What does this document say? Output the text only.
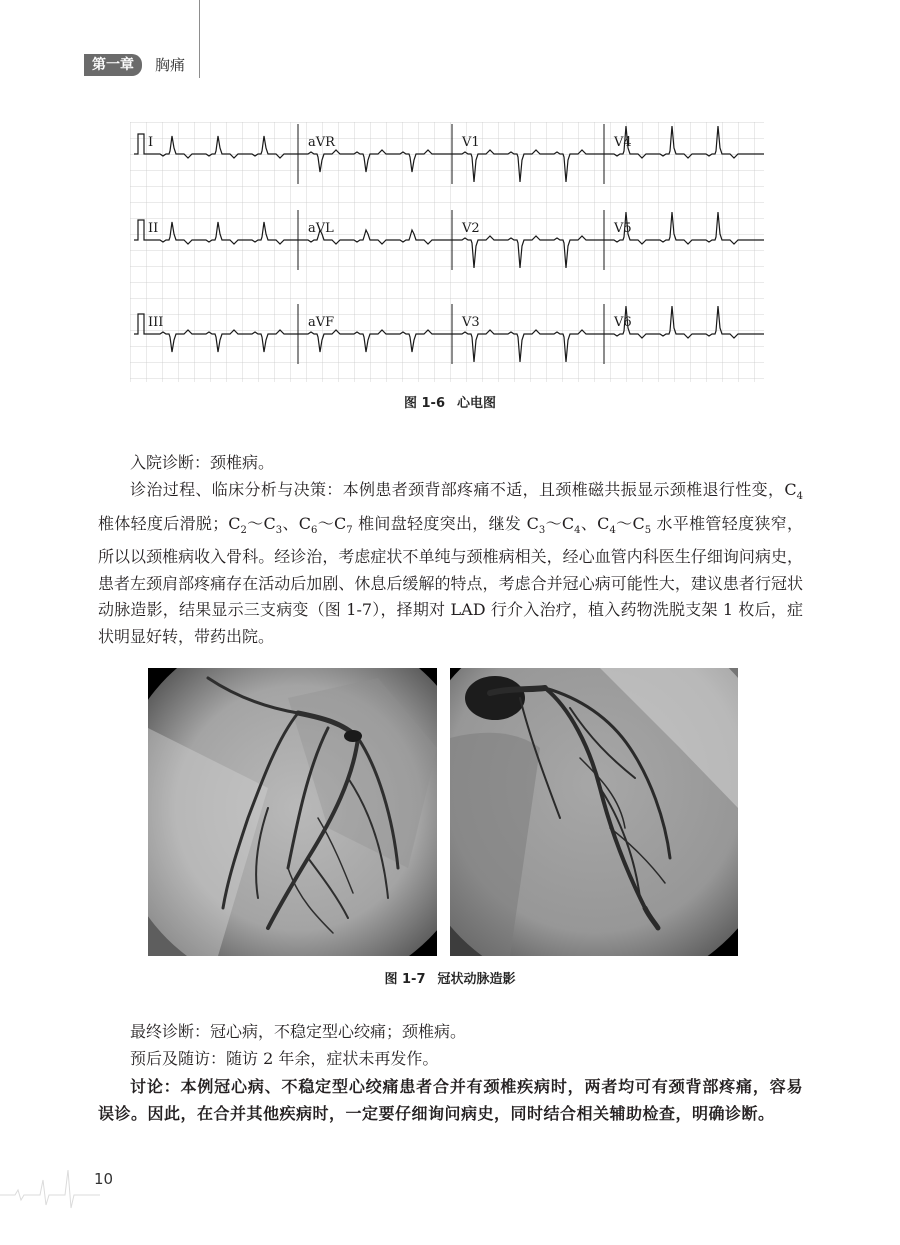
第一章	胸痛
I	aVR	V1	V4
II	aVL	V2	V5
III	aVF	V3	V6
图 1-6 心电图
入院诊断：颈椎病。
诊治过程、临床分析与决策：本例患者颈背部疼痛不适，且颈椎磁共振显示颈椎退行性变，$C_4$ 椎体轻度后滑脱；$C_2\sim C_3$、$C_6\sim C_7$ 椎间盘轻度突出，继发 $C_3\sim C_4$、$C_4\sim C_5$ 水平椎管轻度狭窄，所以以颈椎病收入骨科。经诊治，考虑症状不单纯与颈椎病相关，经心血管内科医生仔细询问病史，患者左颈肩部疼痛存在活动后加剧、休息后缓解的特点，考虑合并冠心病可能性大，建议患者行冠状动脉造影，结果显示三支病变（图 1-7），择期对 LAD 行介入治疗，植入药物洗脱支架 1 枚后，症状明显好转，带药出院。
图 1-7 冠状动脉造影
最终诊断：冠心病，不稳定型心绞痛；颈椎病。
预后及随访：随访 2 年余，症状未再发作。
讨论：本例冠心病、不稳定型心绞痛患者合并有颈椎疾病时，两者均可有颈背部疼痛，容易误诊。因此，在合并其他疾病时，一定要仔细询问病史，同时结合相关辅助检查，明确诊断。
10
